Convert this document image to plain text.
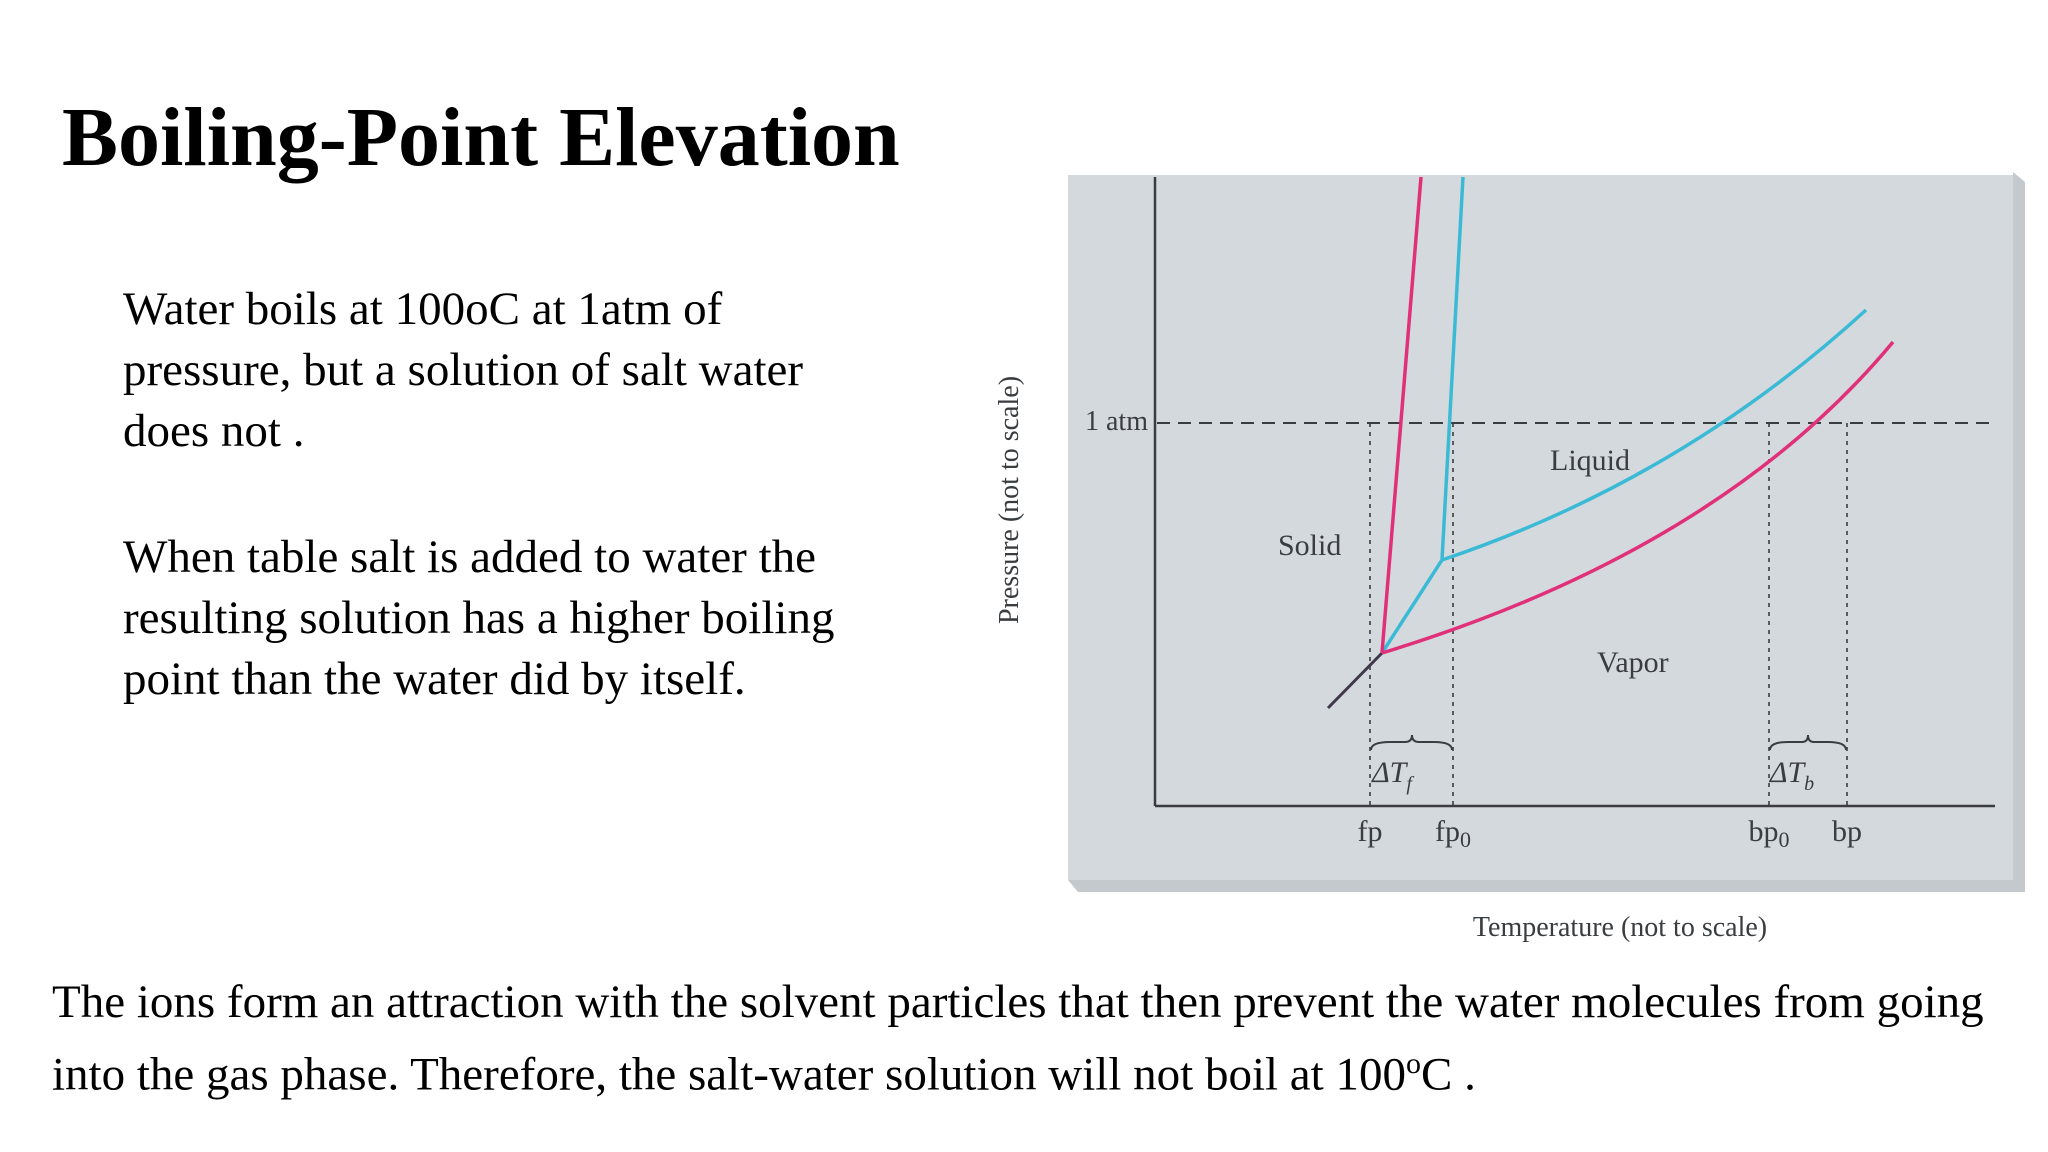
Boiling-Point Elevation
Water boils at 100oC at 1atm of pressure, but a solution of salt water does not .
When table salt is added to water the resulting solution has a higher boiling point than the water did by itself.
1 atm
Solid
Liquid
Vapor
$\Delta T_f$	$\Delta T_b$
fp $fp_0$	$bp_0$ bp
Pressure (not to scale)
Temperature (not to scale)
The ions form an attraction with the solvent particles that then prevent the water molecules from going into the gas phase. Therefore, the salt-water solution will not boil at 100$^o$C .
